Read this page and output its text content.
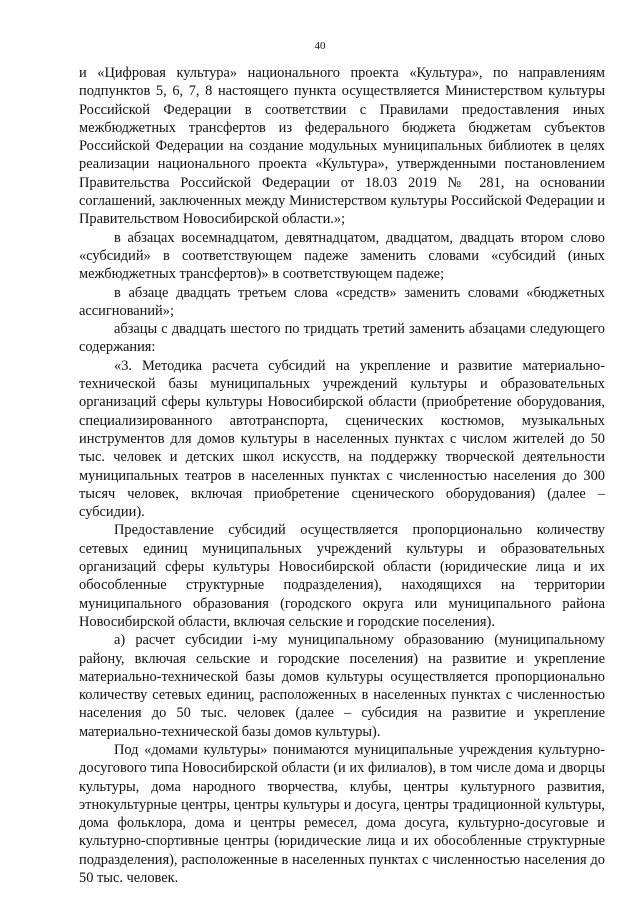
40

и «Цифровая культура» национального проекта «Культура», по направлениям подпунктов 5, 6, 7, 8 настоящего пункта осуществляется Министерством культуры Российской Федерации в соответствии с Правилами предоставления иных межбюджетных трансфертов из федерального бюджета бюджетам субъектов Российской Федерации на создание модульных муниципальных библиотек в целях реализации национального проекта «Культура», утвержденными постановлением Правительства Российской Федерации от 18.03 2019 № 281, на основании соглашений, заключенных между Министерством культуры Российской Федерации и Правительством Новосибирской области.»;

в абзацах восемнадцатом, девятнадцатом, двадцатом, двадцать втором слово «субсидий» в соответствующем падеже заменить словами «субсидий (иных межбюджетных трансфертов)» в соответствующем падеже;

в абзаце двадцать третьем слова «средств» заменить словами «бюджетных ассигнований»;

абзацы с двадцать шестого по тридцать третий заменить абзацами следующего содержания:

«3. Методика расчета субсидий на укрепление и развитие материально-технической базы муниципальных учреждений культуры и образовательных организаций сферы культуры Новосибирской области (приобретение оборудования, специализированного автотранспорта, сценических костюмов, музыкальных инструментов для домов культуры в населенных пунктах с числом жителей до 50 тыс. человек и детских школ искусств, на поддержку творческой деятельности муниципальных театров в населенных пунктах с численностью населения до 300 тысяч человек, включая приобретение сценического оборудования) (далее – субсидии).

Предоставление субсидий осуществляется пропорционально количеству сетевых единиц муниципальных учреждений культуры и образовательных организаций сферы культуры Новосибирской области (юридические лица и их обособленные структурные подразделения), находящихся на территории муниципального образования (городского округа или муниципального района Новосибирской области, включая сельские и городские поселения).

а) расчет субсидии i-му муниципальному образованию (муниципальному району, включая сельские и городские поселения) на развитие и укрепление материально-технической базы домов культуры осуществляется пропорционально количеству сетевых единиц, расположенных в населенных пунктах с численностью населения до 50 тыс. человек (далее – субсидия на развитие и укрепление материально-технической базы домов культуры).

Под «домами культуры» понимаются муниципальные учреждения культурно-досугового типа Новосибирской области (и их филиалов), в том числе дома и дворцы культуры, дома народного творчества, клубы, центры культурного развития, этнокультурные центры, центры культуры и досуга, центры традиционной культуры, дома фольклора, дома и центры ремесел, дома досуга, культурно-досуговые и культурно-спортивные центры (юридические лица и их обособленные структурные подразделения), расположенные в населенных пунктах с численностью населения до 50 тыс. человек.
